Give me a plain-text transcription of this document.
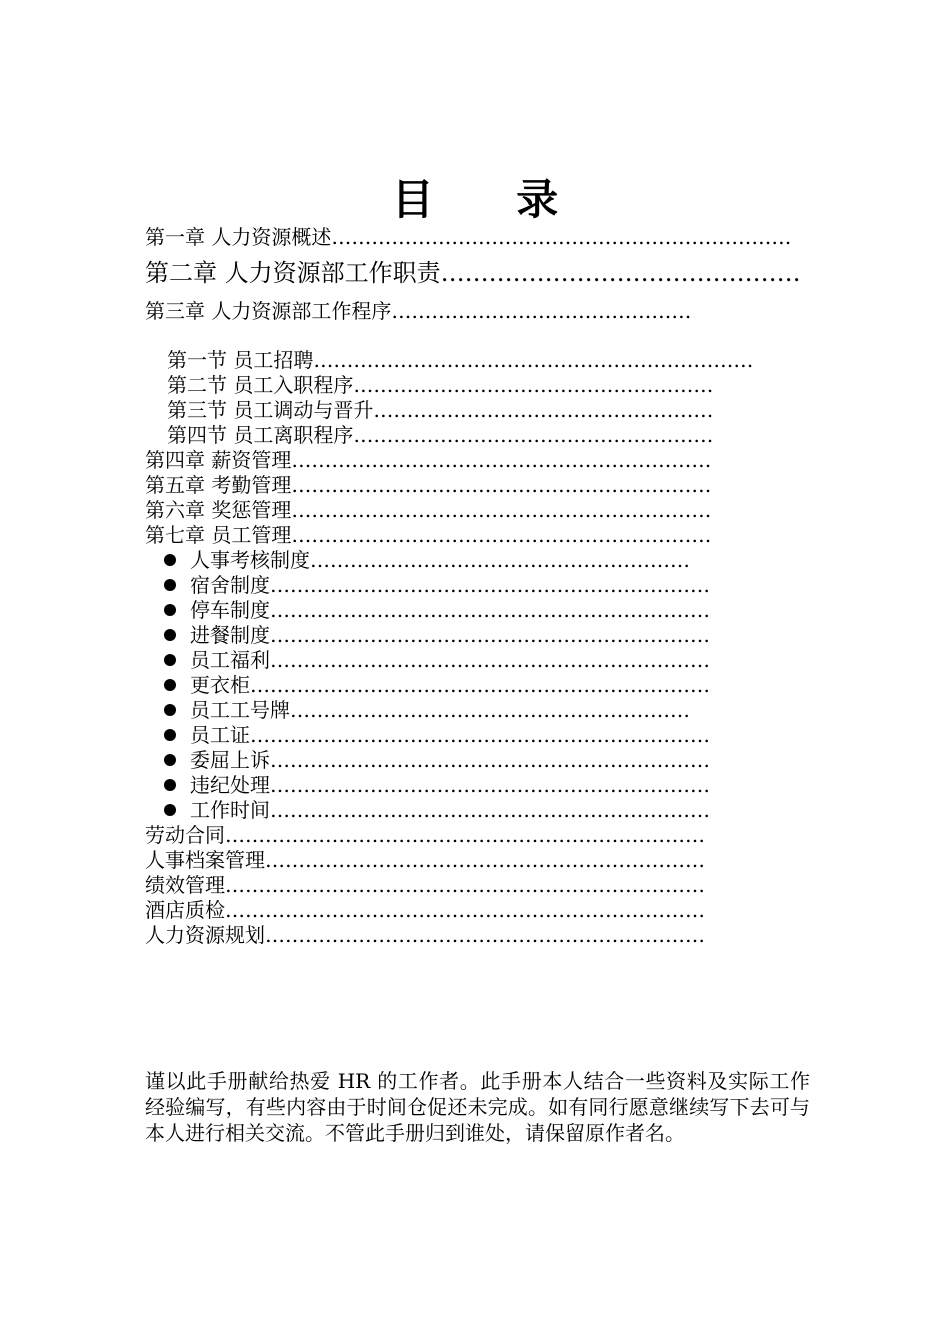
目 录
第一章 人力资源概述……………………………………………………………
第二章 人力资源部工作职责………………………………………
第三章 人力资源部工作程序………………………………………
第一节 员工招聘…………………………………………………………
第二节 员工入职程序………………………………………………
第三节 员工调动与晋升……………………………………………
第四节 员工离职程序………………………………………………
第四章 薪资管理………………………………………………………
第五章 考勤管理………………………………………………………
第六章 奖惩管理………………………………………………………
第七章 员工管理………………………………………………………
人事考核制度…………………………………………………
宿舍制度…………………………………………………………
停车制度…………………………………………………………
进餐制度…………………………………………………………
员工福利…………………………………………………………
更衣柜……………………………………………………………
员工工号牌……………………………………………………
员工证……………………………………………………………
委屈上诉…………………………………………………………
违纪处理…………………………………………………………
工作时间…………………………………………………………
劳动合同………………………………………………………………
人事档案管理…………………………………………………………
绩效管理………………………………………………………………
酒店质检………………………………………………………………
人力资源规划…………………………………………………………

谨以此手册献给热爱 HR 的工作者。此手册本人结合一些资料及实际工作经验编写，有些内容由于时间仓促还未完成。如有同行愿意继续写下去可与本人进行相关交流。不管此手册归到谁处，请保留原作者名。
